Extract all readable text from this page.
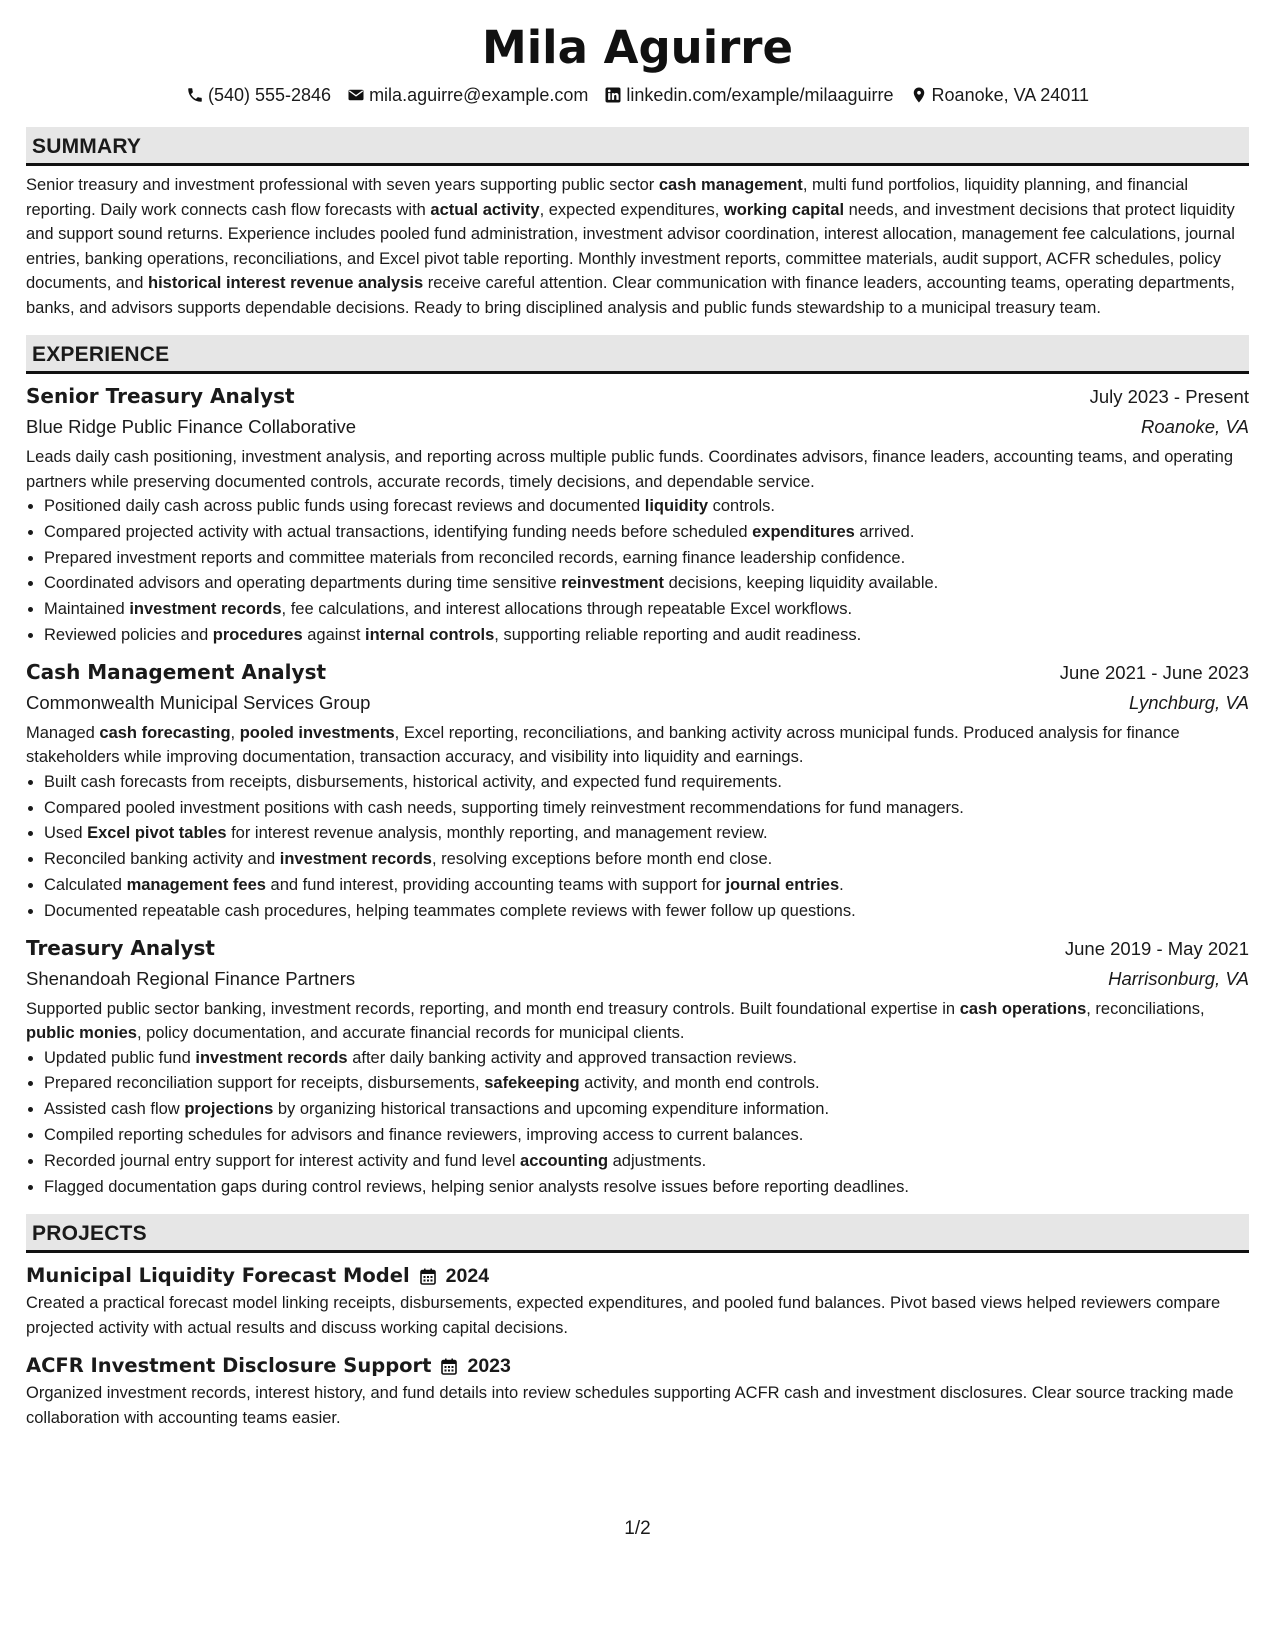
Mila Aguirre
(540) 555-2846 mila.aguirre@example.com linkedin.com/example/milaaguirre Roanoke, VA 24011
SUMMARY

Senior treasury and investment professional with seven years supporting public sector cash management, multi fund portfolios, liquidity planning, and financial reporting. Daily work connects cash flow forecasts with actual activity, expected expenditures, working capital needs, and investment decisions that protect liquidity and support sound returns. Experience includes pooled fund administration, investment advisor coordination, interest allocation, management fee calculations, journal entries, banking operations, reconciliations, and Excel pivot table reporting. Monthly investment reports, committee materials, audit support, ACFR schedules, policy documents, and historical interest revenue analysis receive careful attention. Clear communication with finance leaders, accounting teams, operating departments, banks, and advisors supports dependable decisions. Ready to bring disciplined analysis and public funds stewardship to a municipal treasury team.

EXPERIENCE
Senior Treasury Analyst	July 2023 - Present
Blue Ridge Public Finance Collaborative	Roanoke, VA

Leads daily cash positioning, investment analysis, and reporting across multiple public funds. Coordinates advisors, finance leaders, accounting teams, and operating partners while preserving documented controls, accurate records, timely decisions, and dependable service.

• Positioned daily cash across public funds using forecast reviews and documented liquidity controls.
• Compared projected activity with actual transactions, identifying funding needs before scheduled expenditures arrived.
• Prepared investment reports and committee materials from reconciled records, earning finance leadership confidence.
• Coordinated advisors and operating departments during time sensitive reinvestment decisions, keeping liquidity available.
• Maintained investment records, fee calculations, and interest allocations through repeatable Excel workflows.
• Reviewed policies and procedures against internal controls, supporting reliable reporting and audit readiness.
Cash Management Analyst	June 2021 - June 2023
Commonwealth Municipal Services Group	Lynchburg, VA

Managed cash forecasting, pooled investments, Excel reporting, reconciliations, and banking activity across municipal funds. Produced analysis for finance stakeholders while improving documentation, transaction accuracy, and visibility into liquidity and earnings.

• Built cash forecasts from receipts, disbursements, historical activity, and expected fund requirements.
• Compared pooled investment positions with cash needs, supporting timely reinvestment recommendations for fund managers.
• Used Excel pivot tables for interest revenue analysis, monthly reporting, and management review.
• Reconciled banking activity and investment records, resolving exceptions before month end close.
• Calculated management fees and fund interest, providing accounting teams with support for journal entries.
• Documented repeatable cash procedures, helping teammates complete reviews with fewer follow up questions.
Treasury Analyst	June 2019 - May 2021
Shenandoah Regional Finance Partners	Harrisonburg, VA

Supported public sector banking, investment records, reporting, and month end treasury controls. Built foundational expertise in cash operations, reconciliations, public monies, policy documentation, and accurate financial records for municipal clients.

• Updated public fund investment records after daily banking activity and approved transaction reviews.
• Prepared reconciliation support for receipts, disbursements, safekeeping activity, and month end controls.
• Assisted cash flow projections by organizing historical transactions and upcoming expenditure information.
• Compiled reporting schedules for advisors and finance reviewers, improving access to current balances.
• Recorded journal entry support for interest activity and fund level accounting adjustments.
• Flagged documentation gaps during control reviews, helping senior analysts resolve issues before reporting deadlines.
PROJECTS
Municipal Liquidity Forecast Model 2024

Created a practical forecast model linking receipts, disbursements, expected expenditures, and pooled fund balances. Pivot based views helped reviewers compare projected activity with actual results and discuss working capital decisions.

ACFR Investment Disclosure Support 2023

Organized investment records, interest history, and fund details into review schedules supporting ACFR cash and investment disclosures. Clear source tracking made collaboration with accounting teams easier.

1/2
